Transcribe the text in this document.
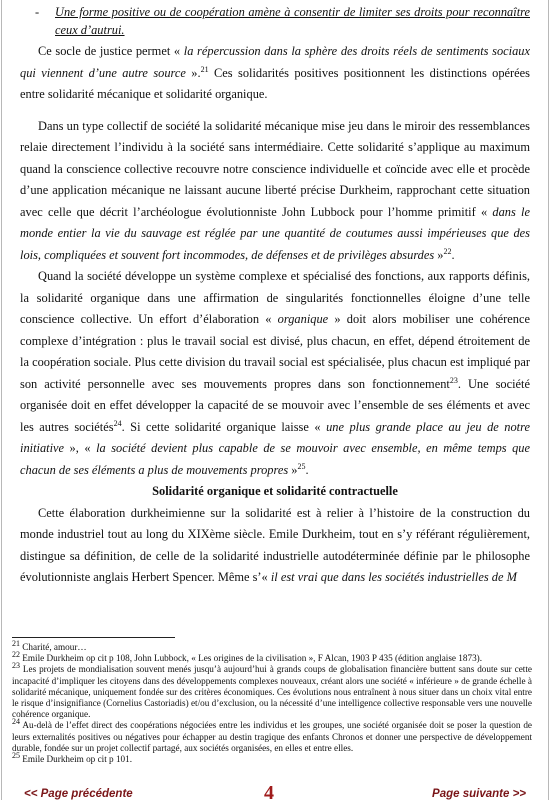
- Une forme positive ou de coopération amène à consentir de limiter ses droits pour reconnaître ceux d’autrui.

Ce socle de justice permet « la répercussion dans la sphère des droits réels de sentiments sociaux qui viennent d’une autre source ».$^{21}$ Ces solidarités positives positionnent les distinctions opérées entre solidarité mécanique et solidarité organique.

Dans un type collectif de société la solidarité mécanique mise jeu dans le miroir des ressemblances relaie directement l’individu à la société sans intermédiaire. Cette solidarité s’applique au maximum quand la conscience collective recouvre notre conscience individuelle et coïncide avec elle et procède d’une application mécanique ne laissant aucune liberté précise Durkheim, rapprochant cette situation avec celle que décrit l’archéologue évolutionniste John Lubbock pour l’homme primitif « dans le monde entier la vie du sauvage est réglée par une quantité de coutumes aussi impérieuses que des lois, compliquées et souvent fort incommodes, de défenses et de privilèges absurdes »$^{22}$.

Quand la société développe un système complexe et spécialisé des fonctions, aux rapports définis, la solidarité organique dans une affirmation de singularités fonctionnelles éloigne d’une telle conscience collective. Un effort d’élaboration « organique » doit alors mobiliser une cohérence complexe d’intégration : plus le travail social est divisé, plus chacun, en effet, dépend étroitement de la coopération sociale. Plus cette division du travail social est spécialisée, plus chacun est impliqué par son activité personnelle avec ses mouvements propres dans son fonctionnement$^{23}$. Une société organisée doit en effet développer la capacité de se mouvoir avec l’ensemble de ses éléments et avec les autres sociétés$^{24}$. Si cette solidarité organique laisse « une plus grande place au jeu de notre initiative », « la société devient plus capable de se mouvoir avec ensemble, en même temps que chacun de ses éléments a plus de mouvements propres »$^{25}$.

Solidarité organique et solidarité contractuelle

Cette élaboration durkheimienne sur la solidarité est à relier à l’histoire de la construction du monde industriel tout au long du XIXème siècle. Emile Durkheim, tout en s’y référant régulièrement, distingue sa définition, de celle de la solidarité industrielle autodéterminée définie par le philosophe évolutionniste anglais Herbert Spencer. Même s’« il est vrai que dans les sociétés industrielles de M

$^{21}$ Charité, amour…

$^{22}$ Emile Durkheim op cit p 108, John Lubbock, « Les origines de la civilisation », F Alcan, 1903 P 435 (édition anglaise 1873).

$^{23}$ Les projets de mondialisation souvent menés jusqu’à aujourd’hui à grands coups de globalisation financière buttent sans doute sur cette incapacité d’impliquer les citoyens dans des développements complexes nouveaux, créant alors une société « inférieure » de grande échelle à solidarité mécanique, uniquement fondée sur des critères économiques. Ces évolutions nous entraînent à nous situer dans un choix vital entre le risque d’insignifiance (Cornelius Castoriadis) et/ou d’exclusion, ou la nécessité d’une intelligence collective responsable vers une nouvelle cohérence organique.

$^{24}$ Au-delà de l’effet direct des coopérations négociées entre les individus et les groupes, une société organisée doit se poser la question de leurs externalités positives ou négatives pour échapper au destin tragique des enfants Chronos et donner une perspective de développement durable, fondée sur un projet collectif partagé, aux sociétés organisées, en elles et entre elles.

$^{25}$ Emile Durkheim op cit p 101.

<< Page précédente	4	Page suivante >>
